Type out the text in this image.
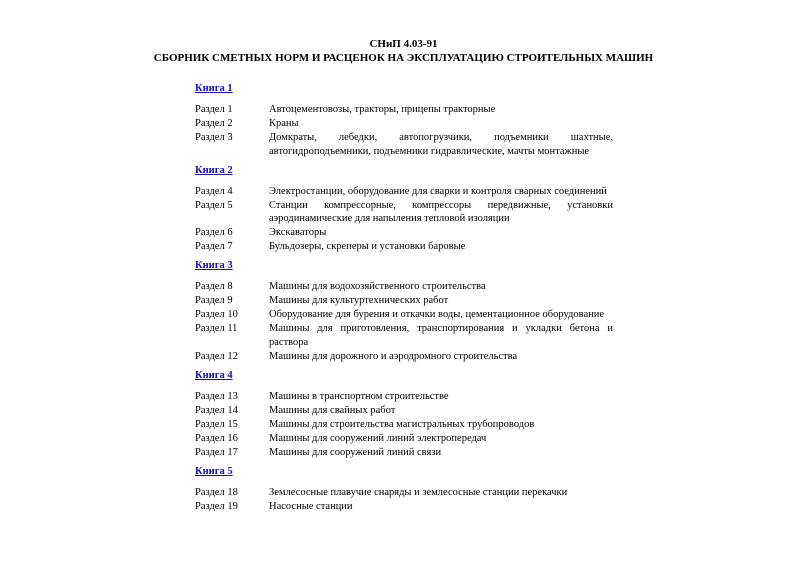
СНиП 4.03-91
СБОРНИК СМЕТНЫХ НОРМ И РАСЦЕНОК НА ЭКСПЛУАТАЦИЮ СТРОИТЕЛЬНЫХ МАШИН
Книга 1
Раздел 1	Автоцементовозы, тракторы, прицепы тракторные
Раздел 2	Краны
Раздел 3	Домкраты, лебедки, автопогрузчики, подъемники шахтные, автогидроподъемники, подъемники гидравлические, мачты монтажные
Книга 2
Раздел 4	Электростанции, оборудование для сварки и контроля сварных соединений
Раздел 5	Станции компрессорные, компрессоры передвижные, установки аэродинамические для напыления тепловой изоляции
Раздел 6	Экскаваторы
Раздел 7	Бульдозеры, скреперы и установки баровые
Книга 3
Раздел 8	Машины для водохозяйственного строительства
Раздел 9	Машины для культуртехнических работ
Раздел 10	Оборудование для бурения и откачки воды, цементационное оборудование
Раздел 11	Машины для приготовления, транспортирования и укладки бетона и раствора
Раздел 12	Машины для дорожного и аэродромного строительства
Книга 4
Раздел 13	Машины в транспортном строительстве
Раздел 14	Машины для свайных работ
Раздел 15	Машины для строительства магистральных трубопроводов
Раздел 16	Машины для сооружений линий электропередач
Раздел 17	Машины для сооружений линий связи
Книга 5
Раздел 18	Землесосные плавучие снаряды и землесосные станции перекачки
Раздел 19	Насосные станции
